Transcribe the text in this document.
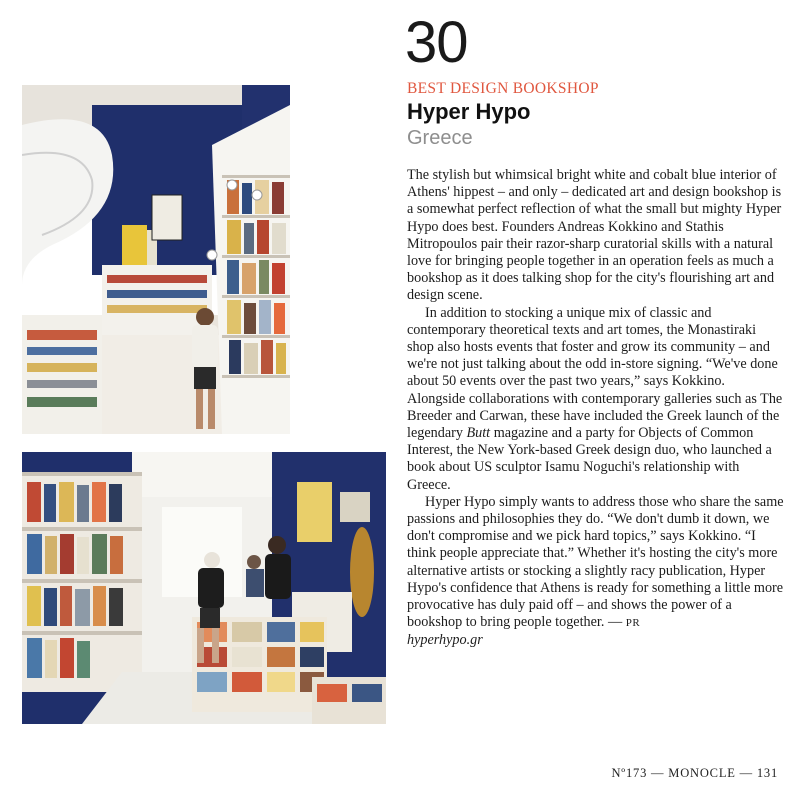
30
BEST DESIGN BOOKSHOP
Hyper Hypo
Greece

The stylish but whimsical bright white and cobalt blue interior of Athens' hippest – and only – dedicated art and design bookshop is a somewhat perfect reflection of what the small but mighty Hyper Hypo does best. Founders Andreas Kokkino and Stathis Mitropoulos pair their razor-sharp curatorial skills with a natural love for bringing people together in an operation feels as much a bookshop as it does talking shop for the city's flourishing art and design scene.

In addition to stocking a unique mix of classic and contemporary theoretical texts and art tomes, the Monastiraki shop also hosts events that foster and grow its community – and we're not just talking about the odd in-store signing. “We've done about 50 events over the past two years,” says Kokkino. Alongside collaborations with contemporary galleries such as The Breeder and Carwan, these have included the Greek launch of the legendary Butt magazine and a party for Objects of Common Interest, the New York-based Greek design duo, who launched a book about US sculptor Isamu Noguchi's relationship with Greece.

Hyper Hypo simply wants to address those who share the same passions and philosophies they do. “We don't dumb it down, we don't compromise and we pick hard topics,” says Kokkino. “I think people appreciate that.” Whether it's hosting the city's more alternative artists or stocking a slightly racy publication, Hyper Hypo's confidence that Athens is ready for something a little more provocative has duly paid off – and shows the power of a bookshop to bring people together. — PR

hyperhypo.gr

Nº173 — MONOCLE — 131
